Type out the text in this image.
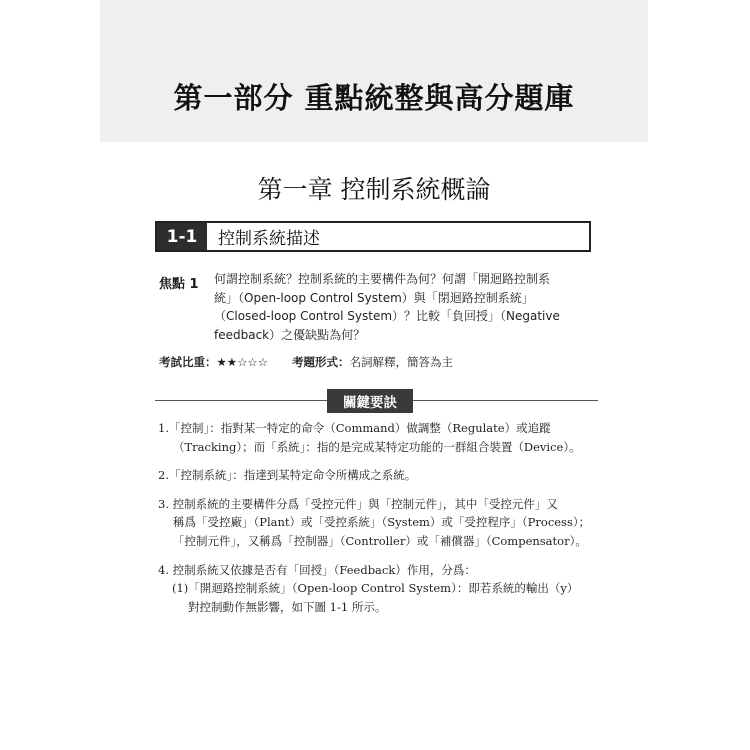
第一部分 重點統整與高分題庫
第一章 控制系統概論
1-1	控制系統描述
焦點 1 何謂控制系統？控制系統的主要構件為何？何謂「開迴路控制系
統」（Open-loop Control System）與「閉迴路控制系統」
（Closed-loop Control System）？比較「負回授」（Negative
feedback）之優缺點為何？
考試比重：★★☆☆☆ 考題形式：名詞解釋，簡答為主
關鍵要訣
1.「控制」：指對某一特定的命令（Command）做調整（Regulate）或追蹤
（Tracking）；而「系統」：指的是完成某特定功能的一群組合裝置（Device）。
2.「控制系統」：指達到某特定命令所構成之系統。
3. 控制系統的主要構件分爲「受控元件」與「控制元件」，其中「受控元件」又
稱爲「受控廠」（Plant）或「受控系統」（System）或「受控程序」（Process）；
「控制元件」，又稱爲「控制器」（Controller）或「補償器」（Compensator）。
4. 控制系統又依據是否有「回授」（Feedback）作用，分爲：
(1)「開迴路控制系統」（Open-loop Control System）：即若系統的輸出（y）
對控制動作無影響，如下圖 1-1 所示。
